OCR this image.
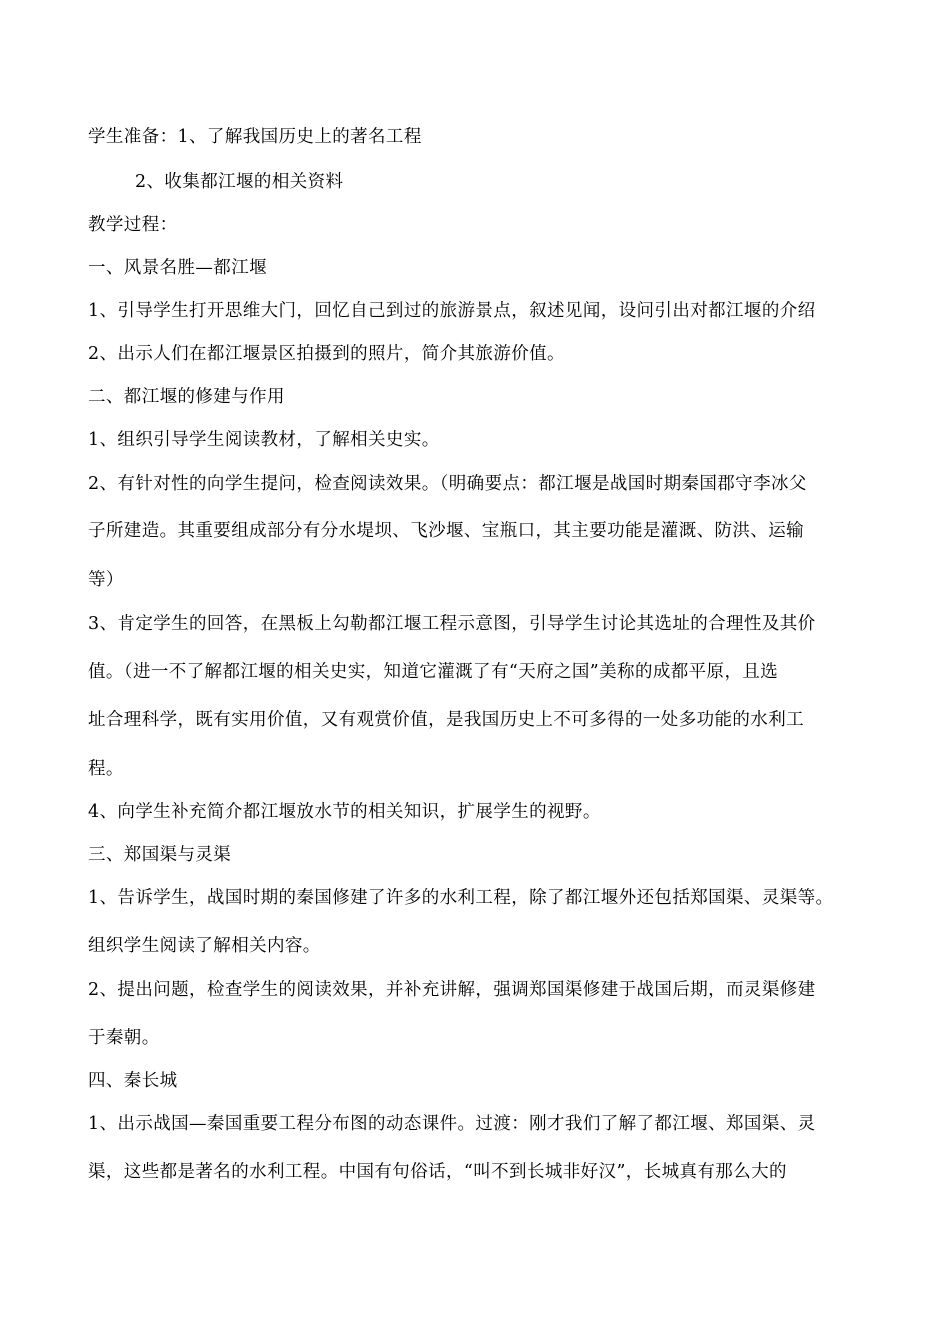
学生准备：1、了解我国历史上的著名工程
2、收集都江堰的相关资料
教学过程：
一、风景名胜—都江堰
1、引导学生打开思维大门，回忆自己到过的旅游景点，叙述见闻，设问引出对都江堰的介绍
2、出示人们在都江堰景区拍摄到的照片，简介其旅游价值。
二、都江堰的修建与作用
1、组织引导学生阅读教材，了解相关史实。
2、有针对性的向学生提问，检查阅读效果。（明确要点：都江堰是战国时期秦国郡守李冰父
子所建造。其重要组成部分有分水堤坝、飞沙堰、宝瓶口，其主要功能是灌溉、防洪、运输
等）
3、肯定学生的回答，在黑板上勾勒都江堰工程示意图，引导学生讨论其选址的合理性及其价
值。（进一不了解都江堰的相关史实，知道它灌溉了有“天府之国”美称的成都平原，且选
址合理科学，既有实用价值，又有观赏价值，是我国历史上不可多得的一处多功能的水利工
程。
4、向学生补充简介都江堰放水节的相关知识，扩展学生的视野。
三、郑国渠与灵渠
1、告诉学生，战国时期的秦国修建了许多的水利工程，除了都江堰外还包括郑国渠、灵渠等。
组织学生阅读了解相关内容。
2、提出问题，检查学生的阅读效果，并补充讲解，强调郑国渠修建于战国后期，而灵渠修建
于秦朝。
四、秦长城
1、出示战国—秦国重要工程分布图的动态课件。过渡：刚才我们了解了都江堰、郑国渠、灵
渠，这些都是著名的水利工程。中国有句俗话，“叫不到长城非好汉”，长城真有那么大的
